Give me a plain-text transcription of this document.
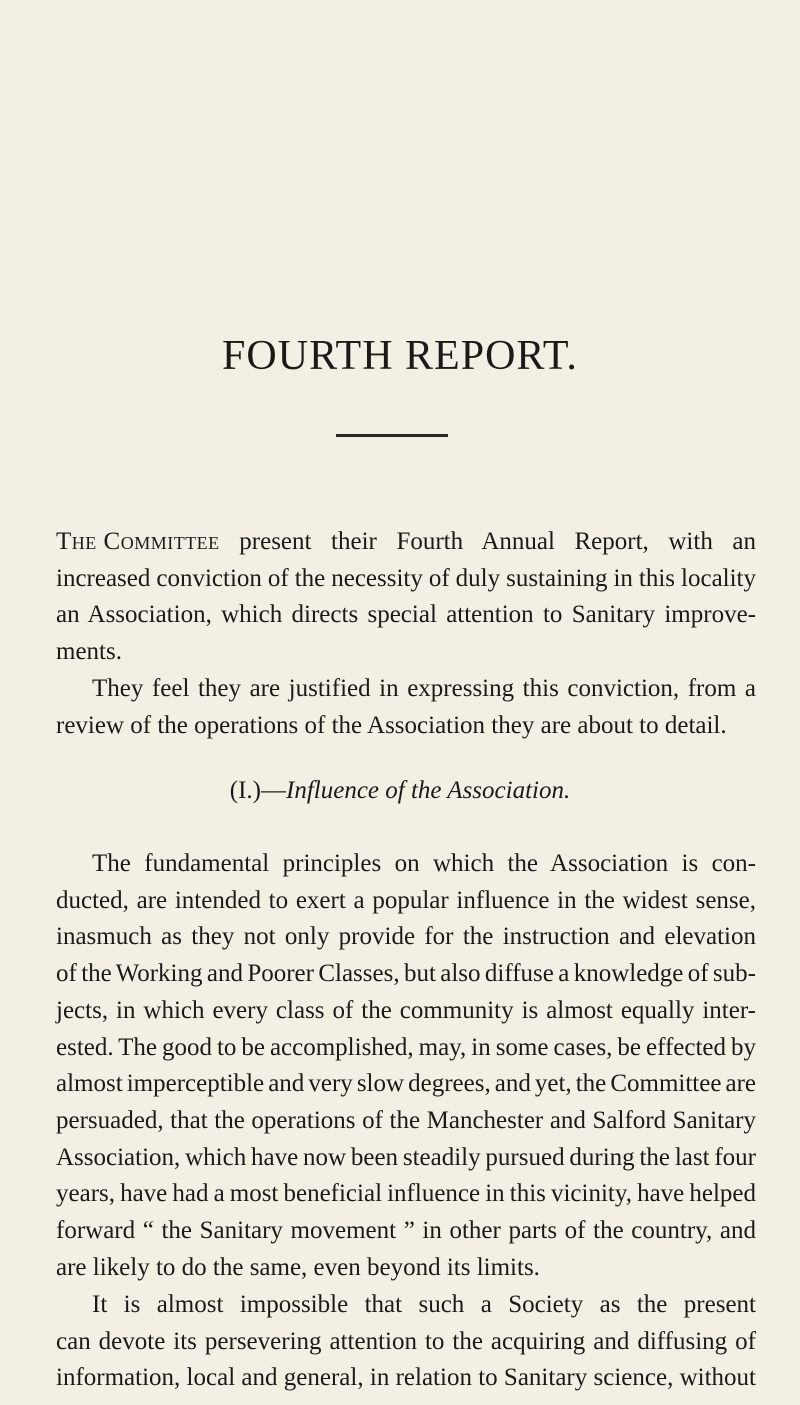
FOURTH REPORT.

The Committee present their Fourth Annual Report, with an
increased conviction of the necessity of duly sustaining in this locality
an Association, which directs special attention to Sanitary improve-
ments.

They feel they are justified in expressing this conviction, from a
review of the operations of the Association they are about to detail.

(I.)—Influence of the Association.

The fundamental principles on which the Association is con-
ducted, are intended to exert a popular influence in the widest sense,
inasmuch as they not only provide for the instruction and elevation
of the Working and Poorer Classes, but also diffuse a knowledge of sub-
jects, in which every class of the community is almost equally inter-
ested. The good to be accomplished, may, in some cases, be effected by
almost imperceptible and very slow degrees, and yet, the Committee are
persuaded, that the operations of the Manchester and Salford Sanitary
Association, which have now been steadily pursued during the last four
years, have had a most beneficial influence in this vicinity, have helped
forward “ the Sanitary movement ” in other parts of the country, and
are likely to do the same, even beyond its limits.

It is almost impossible that such a Society as the present
can devote its persevering attention to the acquiring and diffusing of
information, local and general, in relation to Sanitary science, without
